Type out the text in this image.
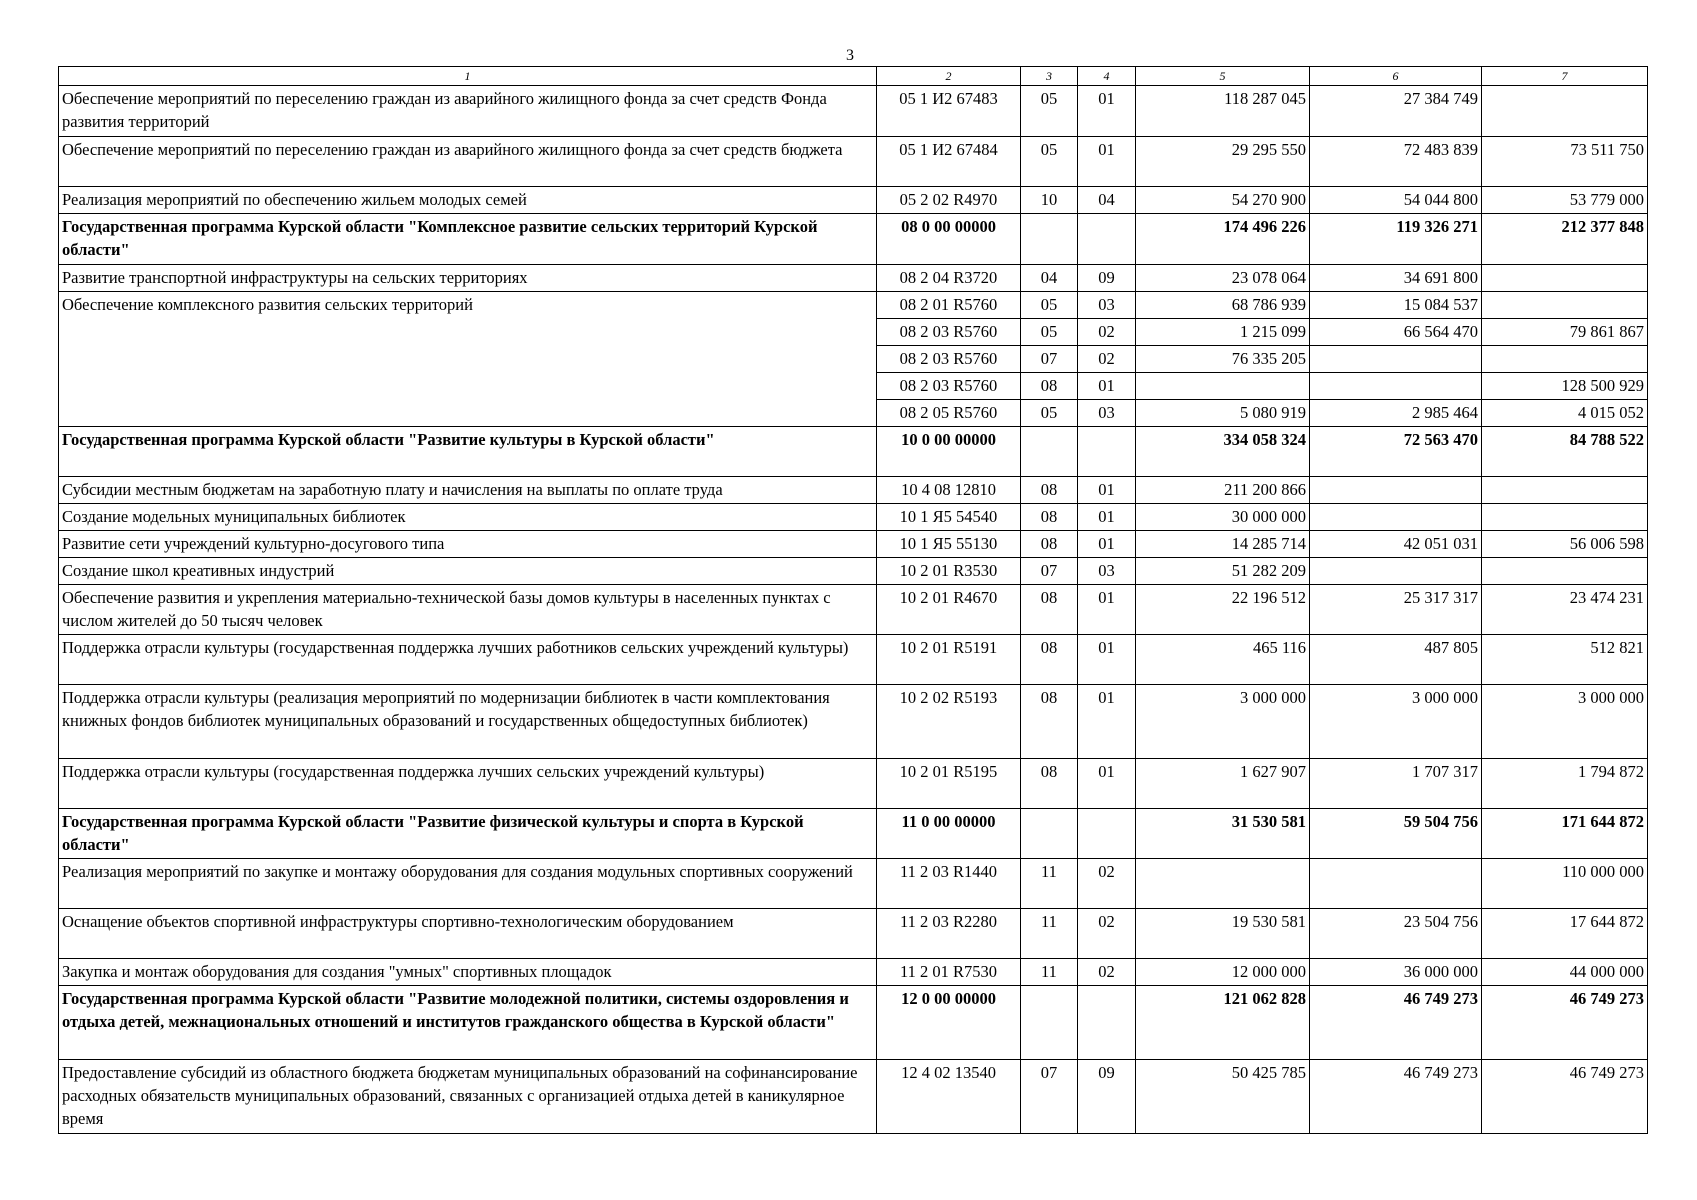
3
1	2	3	4	5	6	7
Обеспечение мероприятий по переселению граждан из аварийного жилищного фонда за счет средств Фонда развития территорий	05 1 И2 67483	05	01	118 287 045	27 384 749	
Обеспечение мероприятий по переселению граждан из аварийного жилищного фонда за счет средств бюджета	05 1 И2 67484	05	01	29 295 550	72 483 839	73 511 750
Реализация мероприятий по обеспечению жильем молодых семей	05 2 02 R4970	10	04	54 270 900	54 044 800	53 779 000
Государственная программа Курской области "Комплексное развитие сельских территорий Курской области"	08 0 00 00000			174 496 226	119 326 271	212 377 848
Развитие транспортной инфраструктуры на сельских территориях	08 2 04 R3720	04	09	23 078 064	34 691 800	
Обеспечение комплексного развития сельских территорий	08 2 01 R5760	05	03	68 786 939	15 084 537	
	08 2 03 R5760	05	02	1 215 099	66 564 470	79 861 867
	08 2 03 R5760	07	02	76 335 205		
	08 2 03 R5760	08	01			128 500 929
	08 2 05 R5760	05	03	5 080 919	2 985 464	4 015 052
Государственная программа Курской области "Развитие культуры в Курской области"	10 0 00 00000			334 058 324	72 563 470	84 788 522
Субсидии местным бюджетам на заработную плату и начисления на выплаты по оплате труда	10 4 08 12810	08	01	211 200 866		
Создание модельных муниципальных библиотек	10 1 Я5 54540	08	01	30 000 000		
Развитие сети учреждений культурно-досугового типа	10 1 Я5 55130	08	01	14 285 714	42 051 031	56 006 598
Создание школ креативных индустрий	10 2 01 R3530	07	03	51 282 209		
Обеспечение развития и укрепления материально-технической базы домов культуры в населенных пунктах с числом жителей до 50 тысяч человек	10 2 01 R4670	08	01	22 196 512	25 317 317	23 474 231
Поддержка отрасли культуры (государственная поддержка лучших работников сельских учреждений культуры)	10 2 01 R5191	08	01	465 116	487 805	512 821
Поддержка отрасли культуры (реализация мероприятий по модернизации библиотек в части комплектования книжных фондов библиотек муниципальных образований и государственных общедоступных библиотек)	10 2 02 R5193	08	01	3 000 000	3 000 000	3 000 000
Поддержка отрасли культуры (государственная поддержка лучших сельских учреждений культуры)	10 2 01 R5195	08	01	1 627 907	1 707 317	1 794 872
Государственная программа Курской области "Развитие физической культуры и спорта в Курской области"	11 0 00 00000			31 530 581	59 504 756	171 644 872
Реализация мероприятий по закупке и монтажу оборудования для создания модульных спортивных сооружений	11 2 03 R1440	11	02			110 000 000
Оснащение объектов спортивной инфраструктуры спортивно-технологическим оборудованием	11 2 03 R2280	11	02	19 530 581	23 504 756	17 644 872
Закупка и монтаж оборудования для создания "умных" спортивных площадок	11 2 01 R7530	11	02	12 000 000	36 000 000	44 000 000
Государственная программа Курской области "Развитие молодежной политики, системы оздоровления и отдыха детей, межнациональных отношений и институтов гражданского общества в Курской области"	12 0 00 00000			121 062 828	46 749 273	46 749 273
Предоставление субсидий из областного бюджета бюджетам муниципальных образований на софинансирование расходных обязательств муниципальных образований, связанных с организацией отдыха детей в каникулярное время	12 4 02 13540	07	09	50 425 785	46 749 273	46 749 273
